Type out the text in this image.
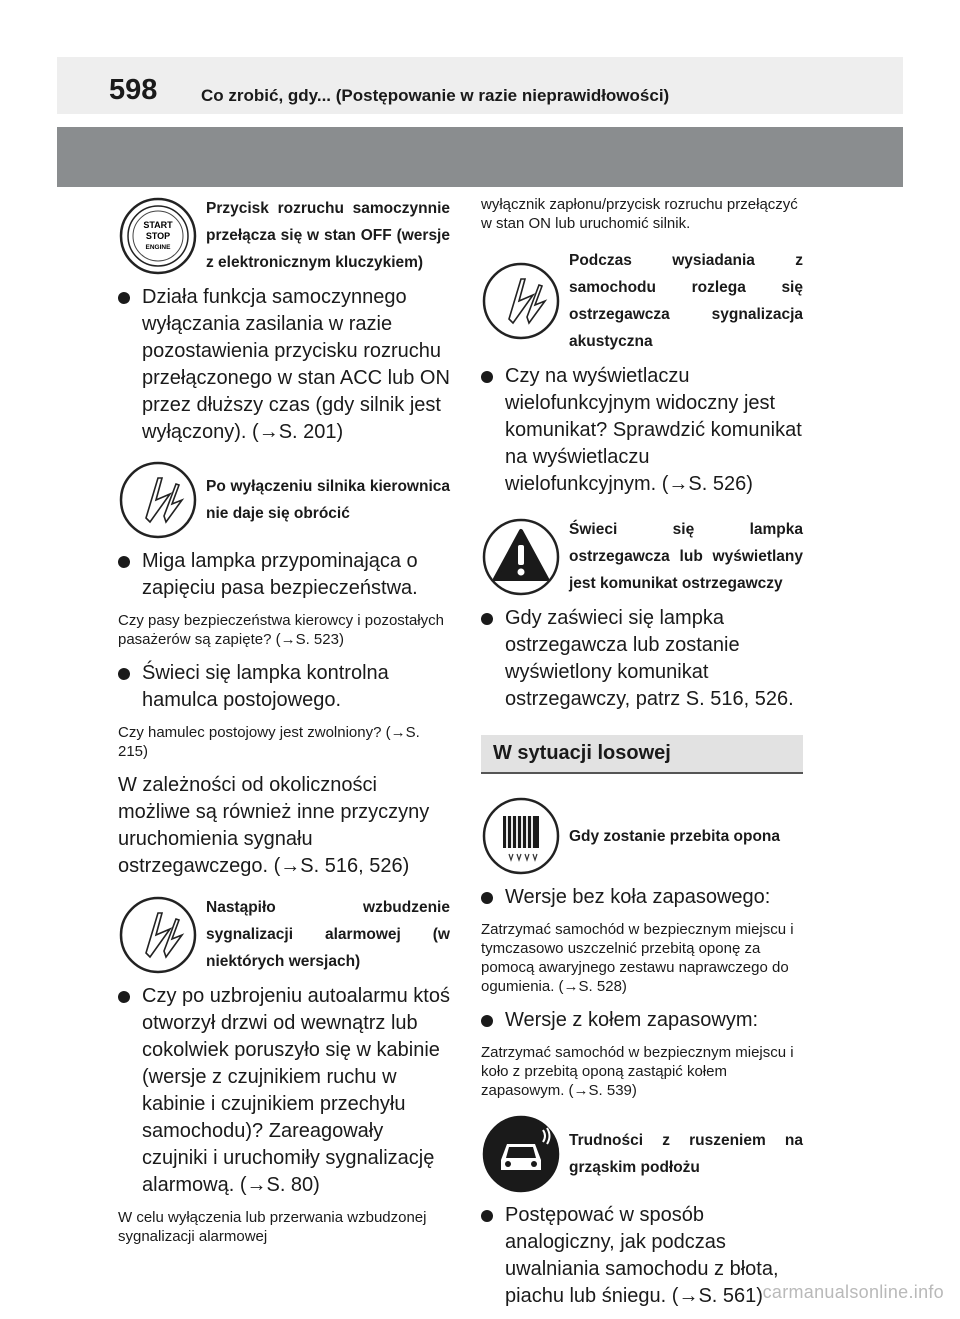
598	Co zrobić, gdy... (Postępowanie w razie nieprawidłowości)
START
STOP
ENGINE
Przycisk rozruchu samoczynnie przełącza się w stan OFF (wersje z elektronicznym kluczykiem)
Działa funkcja samoczynnego wyłączania zasilania w razie pozostawienia przycisku rozruchu przełączonego w stan ACC lub ON przez dłuższy czas (gdy silnik jest wyłączony). (→S. 201)
Po wyłączeniu silnika kierownica nie daje się obrócić
Miga lampka przypominająca o zapięciu pasa bezpieczeństwa.

Czy pasy bezpieczeństwa kierowcy i pozostałych pasażerów są zapięte? (→S. 523)

Świeci się lampka kontrolna hamulca postojowego.

Czy hamulec postojowy jest zwolniony? (→S. 215)

W zależności od okoliczności możliwe są również inne przyczyny uruchomienia sygnału ostrzegawczego. (→S. 516, 526)

Nastąpiło wzbudzenie sygnalizacji alarmowej (w niektórych wersjach)
Czy po uzbrojeniu autoalarmu ktoś otworzył drzwi od wewnątrz lub cokolwiek poruszyło się w kabinie (wersje z czujnikiem ruchu w kabinie i czujnikiem przechyłu samochodu)? Zareagowały czujniki i uruchomiły sygnalizację alarmową. (→S. 80)

W celu wyłączenia lub przerwania wzbudzonej sygnalizacji alarmowej

wyłącznik zapłonu/przycisk rozruchu przełączyć w stan ON lub uruchomić silnik.

Podczas wysiadania z samochodu rozlega się ostrzegawcza sygnalizacja akustyczna
Czy na wyświetlaczu wielofunkcyjnym widoczny jest komunikat? Sprawdzić komunikat na wyświetlaczu wielofunkcyjnym. (→S. 526)
Świeci się lampka ostrzegawcza lub wyświetlany jest komunikat ostrzegawczy
Gdy zaświeci się lampka ostrzegawcza lub zostanie wyświetlony komunikat ostrzegawczy, patrz S. 516, 526.
W sytuacji losowej
Gdy zostanie przebita opona
Wersje bez koła zapasowego:

Zatrzymać samochód w bezpiecznym miejscu i tymczasowo uszczelnić przebitą oponę za pomocą awaryjnego zestawu naprawczego do ogumienia. (→S. 528)

Wersje z kołem zapasowym:

Zatrzymać samochód w bezpiecznym miejscu i koło z przebitą oponą zastąpić kołem zapasowym. (→S. 539)

Trudności z ruszeniem na grząskim podłożu
Postępować w sposób analogiczny, jak podczas uwalniania samochodu z błota, piachu lub śniegu. (→S. 561) carmanualsonline.info
